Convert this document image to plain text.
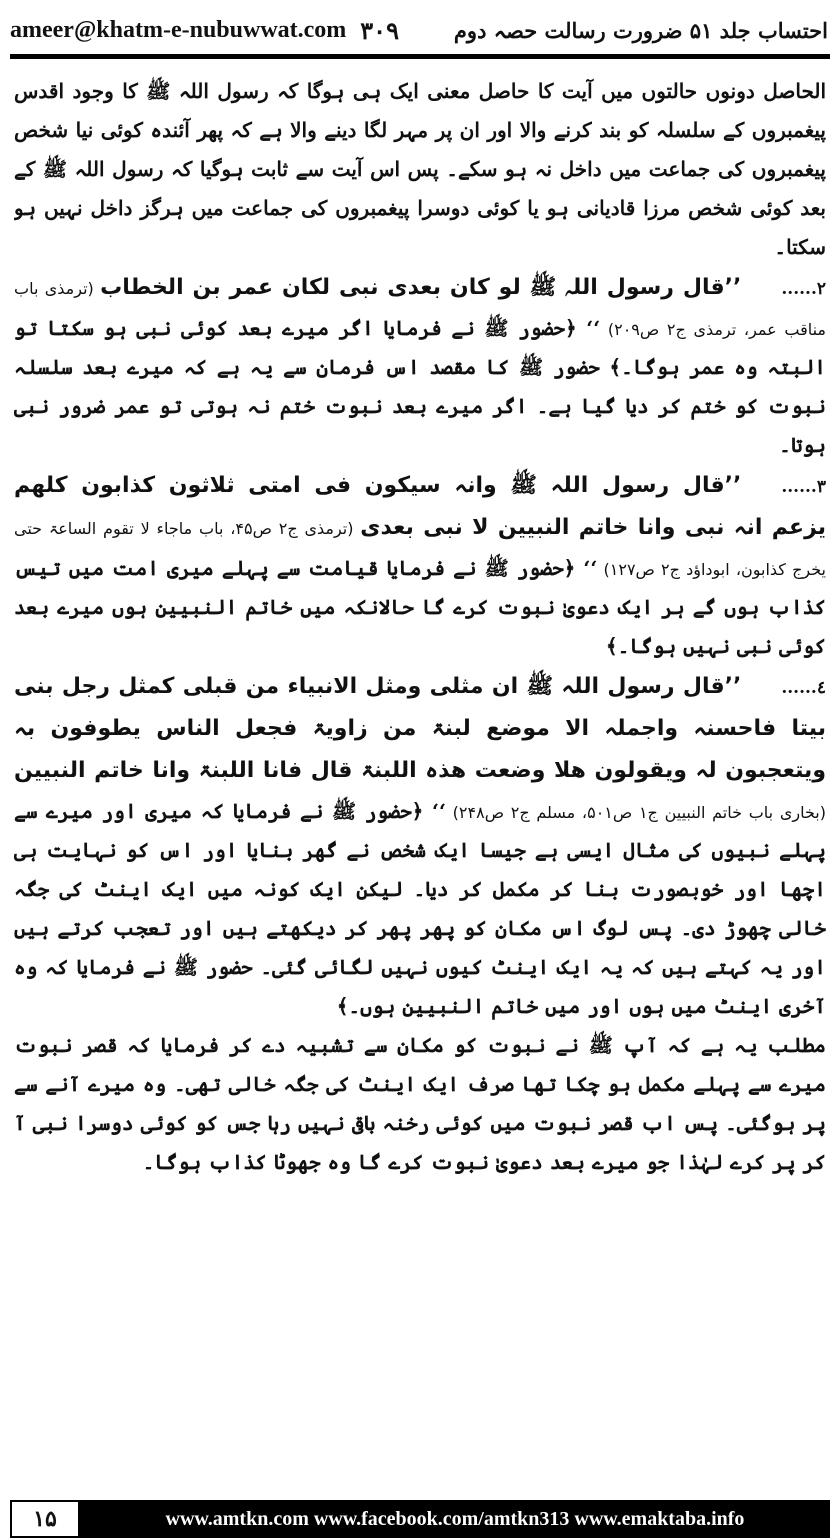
ameer@khatm-e-nubuwwat.com ٣٠٩	احتساب جلد ۵۱ ضرورت رسالت حصہ دوم

الحاصل دونوں حالتوں میں آیت کا حاصل معنی ایک ہی ہوگا کہ رسول اللہ ﷺ کا وجود اقدس پیغمبروں کے سلسلہ کو بند کرنے والا اور ان پر مہر لگا دینے والا ہے کہ پھر آئندہ کوئی نیا شخص پیغمبروں کی جماعت میں داخل نہ ہو سکے۔ پس اس آیت سے ثابت ہوگیا کہ رسول اللہ ﷺ کے بعد کوئی شخص مرزا قادیانی ہو یا کوئی دوسرا پیغمبروں کی جماعت میں ہرگز داخل نہیں ہو سکتا۔

٢......’’قال رسول اللہ ﷺ لو کان بعدی نبی لکان عمر بن الخطاب (ترمذی باب مناقب عمر، ترمذی ج۲ ص۲۰۹) ‘‘ ﴿حضور ﷺ نے فرمایا اگر میرے بعد کوئی نبی ہو سکتا تو البتہ وہ عمر ہوگا۔﴾ حضور ﷺ کا مقصد اس فرمان سے یہ ہے کہ میرے بعد سلسلہ نبوت کو ختم کر دیا گیا ہے۔ اگر میرے بعد نبوت ختم نہ ہوتی تو عمر ضرور نبی ہوتا۔

٣......’’قال رسول اللہ ﷺ وانہ سیکون فی امتی ثلاثون کذابون کلھم یزعم انہ نبی وانا خاتم النبیین لا نبی بعدی (ترمذی ج۲ ص۴۵، باب ماجاء لا تقوم الساعۃ حتی یخرج کذابون، ابوداؤد ج۲ ص۱۲۷) ‘‘ ﴿حضور ﷺ نے فرمایا قیامت سے پہلے میری امت میں تیس کذاب ہوں گے ہر ایک دعویٰ نبوت کرے گا حالانکہ میں خاتم النبیین ہوں میرے بعد کوئی نبی نہیں ہوگا۔﴾

٤......’’قال رسول اللہ ﷺ ان مثلی ومثل الانبیاء من قبلی کمثل رجل بنی بیتا فاحسنہ واجملہ الا موضع لبنۃ من زاویۃ فجعل الناس یطوفون بہ ویتعجبون لہ ویقولون ھلا وضعت ھذہ اللبنۃ قال فانا اللبنۃ وانا خاتم النبیین (بخاری باب خاتم النبیین ج۱ ص۵۰۱، مسلم ج۲ ص۲۴۸) ‘‘ ﴿حضور ﷺ نے فرمایا کہ میری اور میرے سے پہلے نبیوں کی مثال ایسی ہے جیسا ایک شخص نے گھر بنایا اور اس کو نہایت ہی اچھا اور خوبصورت بنا کر مکمل کر دیا۔ لیکن ایک کونہ میں ایک اینٹ کی جگہ خالی چھوڑ دی۔ پس لوگ اس مکان کو پھر پھر کر دیکھتے ہیں اور تعجب کرتے ہیں اور یہ کہتے ہیں کہ یہ ایک اینٹ کیوں نہیں لگائی گئی۔ حضور ﷺ نے فرمایا کہ وہ آخری اینٹ میں ہوں اور میں خاتم النبیین ہوں۔﴾

مطلب یہ ہے کہ آپ ﷺ نے نبوت کو مکان سے تشبیہ دے کر فرمایا کہ قصر نبوت میرے سے پہلے مکمل ہو چکا تھا صرف ایک اینٹ کی جگہ خالی تھی۔ وہ میرے آنے سے پر ہوگئی۔ پس اب قصر نبوت میں کوئی رخنہ باقی نہیں رہا جس کو کوئی دوسرا نبی آ کر پر کرے لہٰذا جو میرے بعد دعویٰ نبوت کرے گا وہ جھوٹا کذاب ہوگا۔

١۵	www.amtkn.com www.facebook.com/amtkn313 www.emaktaba.info
